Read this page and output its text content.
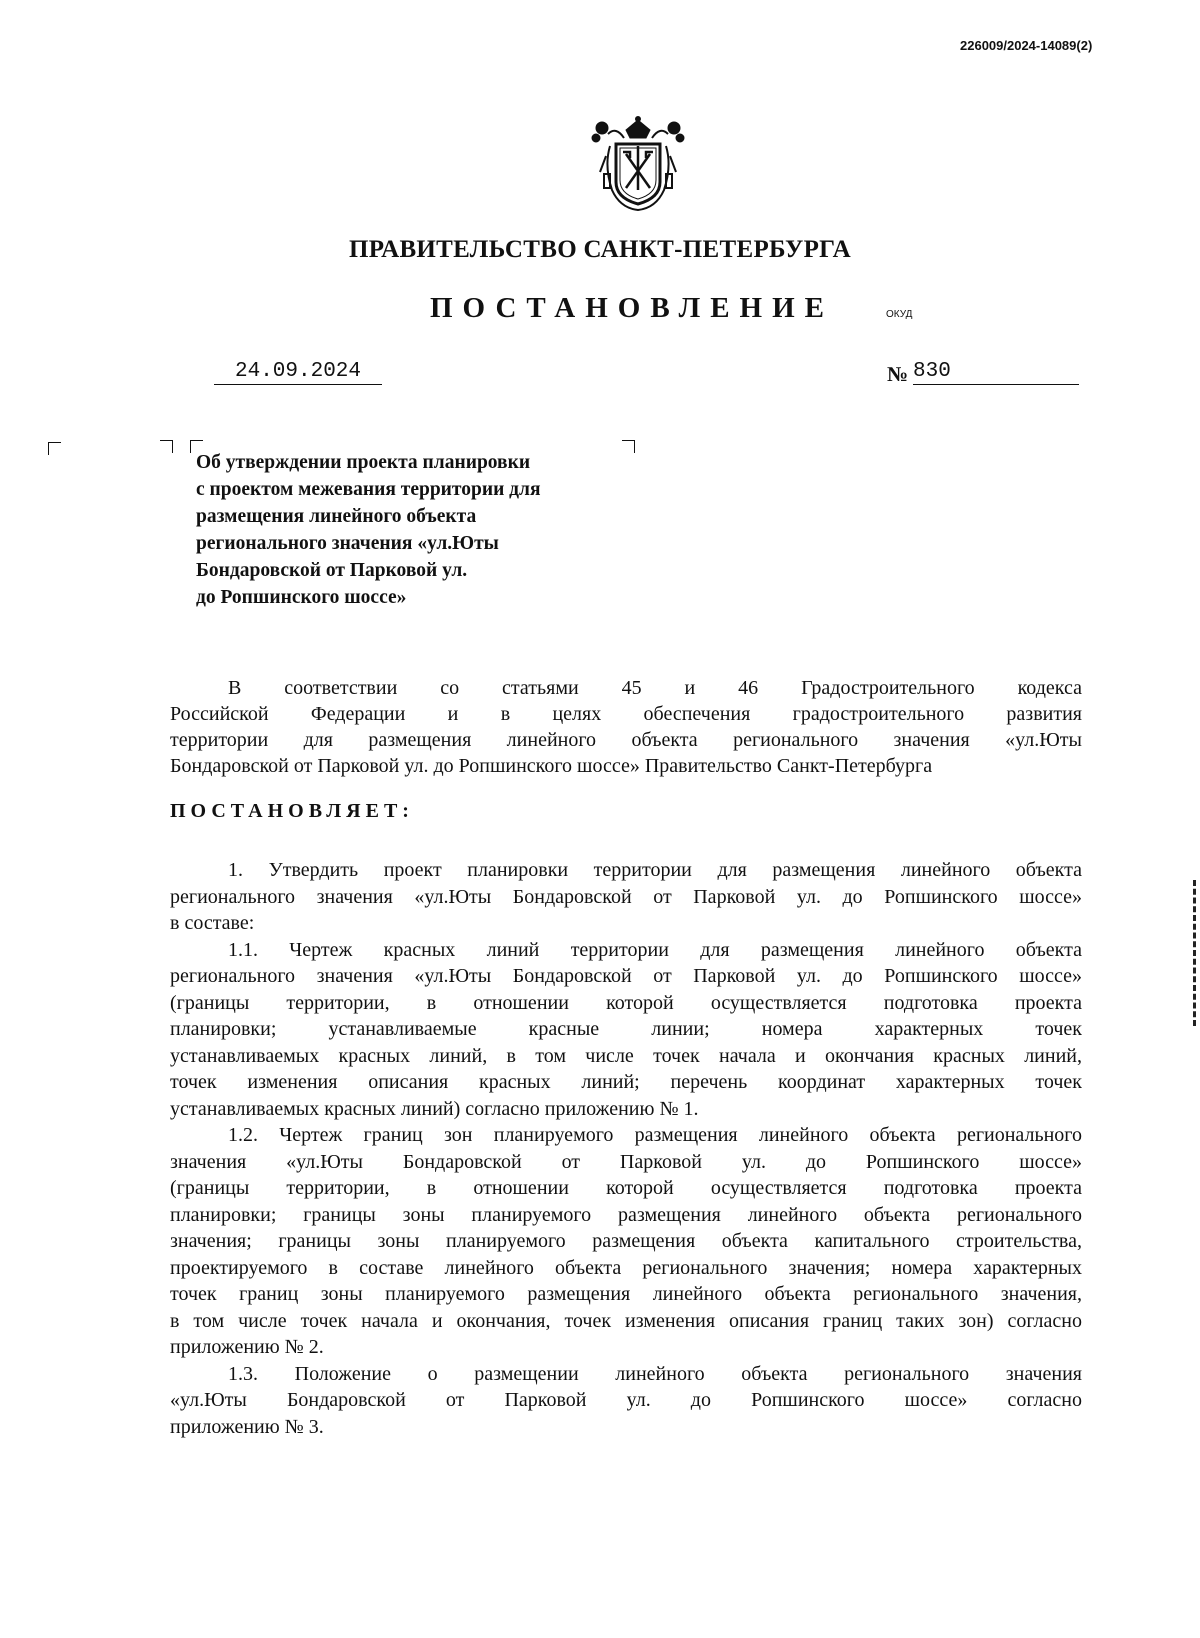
226009/2024-14089(2)
ПРАВИТЕЛЬСТВО САНКТ-ПЕТЕРБУРГА
ПОСТАНОВЛЕНИЕ	ОКУД
24.09.2024	№ 830
Об утверждении проекта планировки
с проектом межевания территории для
размещения линейного объекта
регионального значения «ул.Юты
Бондаровской от Парковой ул.
до Ропшинского шоссе»
В соответствии со статьями 45 и 46 Градостроительного кодекса
Российской Федерации и в целях обеспечения градостроительного развития
территории для размещения линейного объекта регионального значения «ул.Юты
Бондаровской от Парковой ул. до Ропшинского шоссе» Правительство Санкт-Петербурга
ПОСТАНОВЛЯЕТ:
1. Утвердить проект планировки территории для размещения линейного объекта
регионального значения «ул.Юты Бондаровской от Парковой ул. до Ропшинского шоссе»
в составе:
1.1. Чертеж красных линий территории для размещения линейного объекта
регионального значения «ул.Юты Бондаровской от Парковой ул. до Ропшинского шоссе»
(границы территории, в отношении которой осуществляется подготовка проекта
планировки; устанавливаемые красные линии; номера характерных точек
устанавливаемых красных линий, в том числе точек начала и окончания красных линий,
точек изменения описания красных линий; перечень координат характерных точек
устанавливаемых красных линий) согласно приложению № 1.
1.2. Чертеж границ зон планируемого размещения линейного объекта регионального
значения «ул.Юты Бондаровской от Парковой ул. до Ропшинского шоссе»
(границы территории, в отношении которой осуществляется подготовка проекта
планировки; границы зоны планируемого размещения линейного объекта регионального
значения; границы зоны планируемого размещения объекта капитального строительства,
проектируемого в составе линейного объекта регионального значения; номера характерных
точек границ зоны планируемого размещения линейного объекта регионального значения,
в том числе точек начала и окончания, точек изменения описания границ таких зон) согласно
приложению № 2.
1.3. Положение о размещении линейного объекта регионального значения
«ул.Юты Бондаровской от Парковой ул. до Ропшинского шоссе» согласно
приложению № 3.
